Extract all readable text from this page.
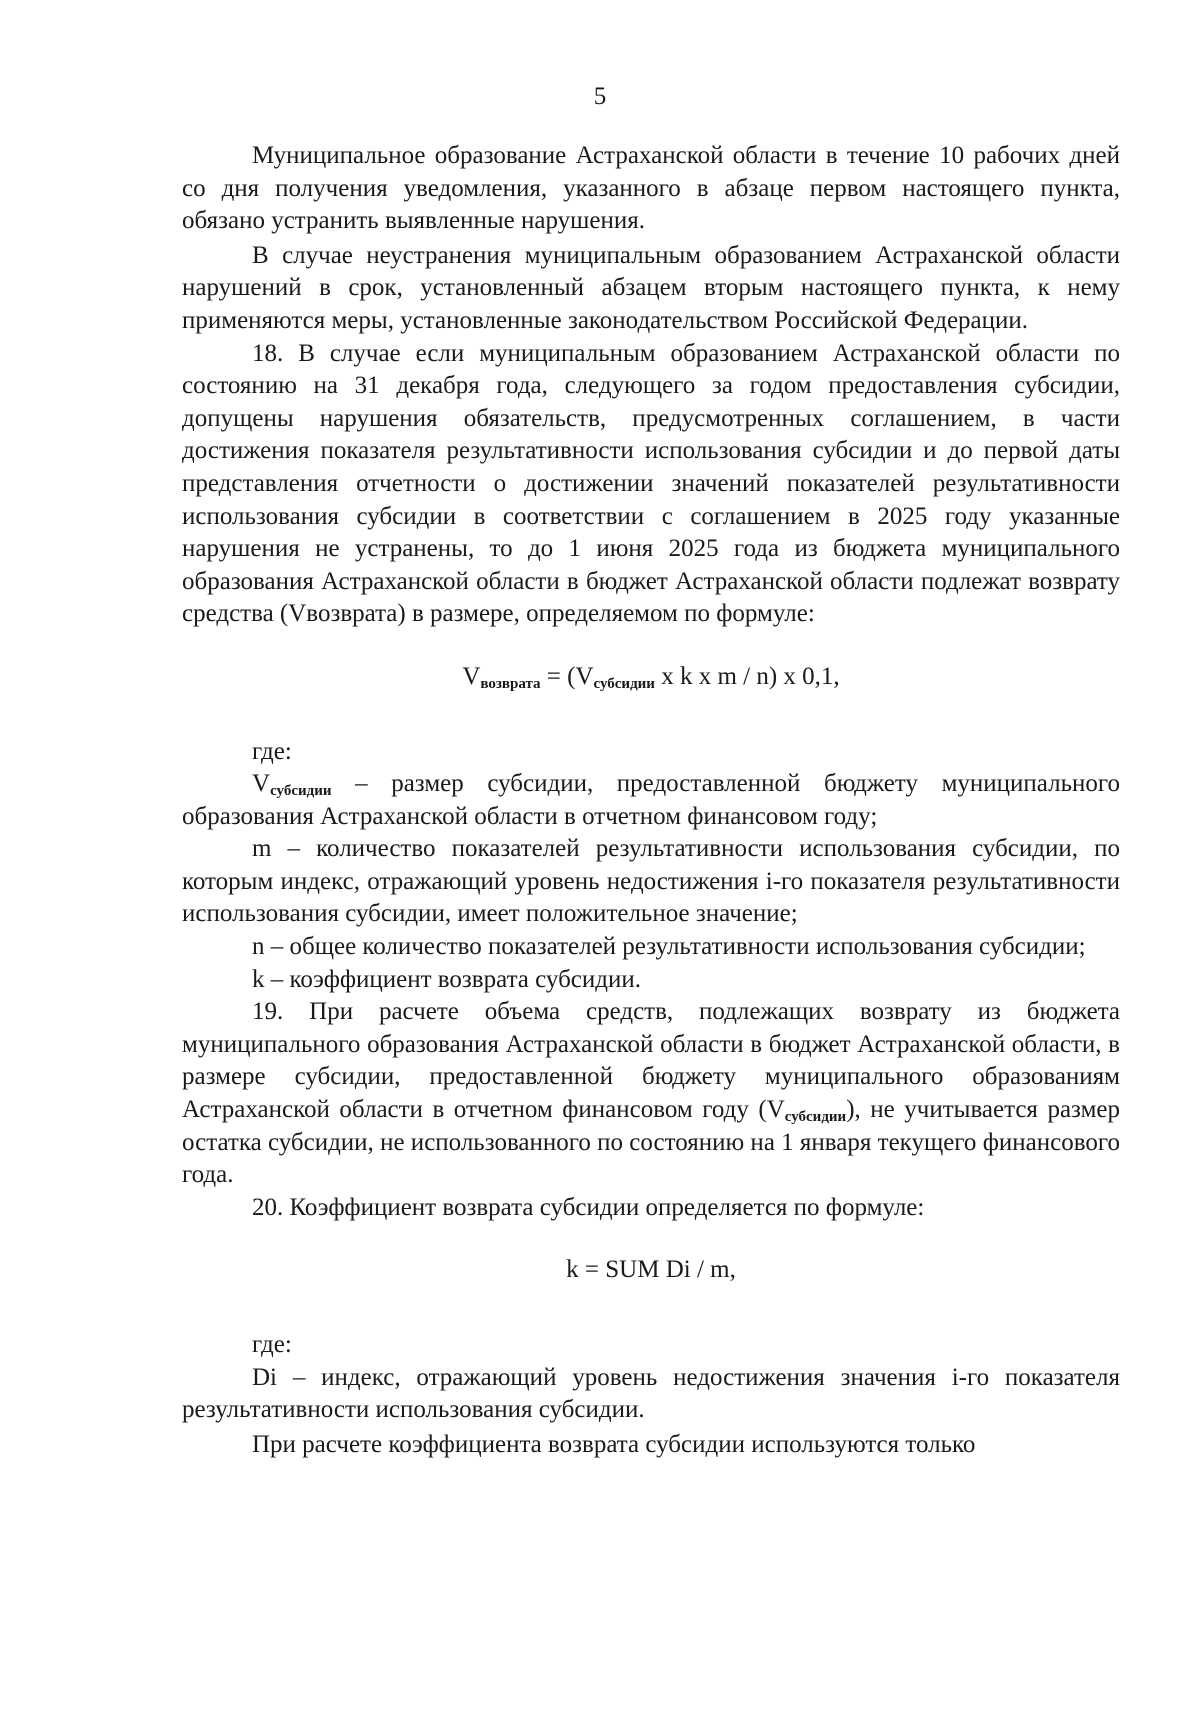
5

Муниципальное образование Астраханской области в течение 10 рабочих дней со дня получения уведомления, указанного в абзаце первом настоящего пункта, обязано устранить выявленные нарушения.

В случае неустранения муниципальным образованием Астраханской области нарушений в срок, установленный абзацем вторым настоящего пункта, к нему применяются меры, установленные законодательством Российской Федерации.

18. В случае если муниципальным образованием Астраханской области по состоянию на 31 декабря года, следующего за годом предоставления субсидии, допущены нарушения обязательств, предусмотренных соглашением, в части достижения показателя результативности использования субсидии и до первой даты представления отчетности о достижении значений показателей результативности использования субсидии в соответствии с соглашением в 2025 году указанные нарушения не устранены, то до 1 июня 2025 года из бюджета муниципального образования Астраханской области в бюджет Астраханской области подлежат возврату средства (Vвозврата) в размере, определяемом по формуле:

$V_{возврата} = (V_{субсидии}$ x k x m / n) x 0,1,

где:

$V_{субсидии}$ – размер субсидии, предоставленной бюджету муниципального образования Астраханской области в отчетном финансовом году;

m – количество показателей результативности использования субсидии, по которым индекс, отражающий уровень недостижения i-го показателя результативности использования субсидии, имеет положительное значение;

n – общее количество показателей результативности использования субсидии;

k – коэффициент возврата субсидии.

19. При расчете объема средств, подлежащих возврату из бюджета муниципального образования Астраханской области в бюджет Астраханской области, в размере субсидии, предоставленной бюджету муниципального образованиям Астраханской области в отчетном финансовом году $(V_{субсидии})$, не учитывается размер остатка субсидии, не использованного по состоянию на 1 января текущего финансового года.

20. Коэффициент возврата субсидии определяется по формуле:

k = SUM Di / m,

где:

Di – индекс, отражающий уровень недостижения значения i-го показателя результативности использования субсидии.

При расчете коэффициента возврата субсидии используются только
